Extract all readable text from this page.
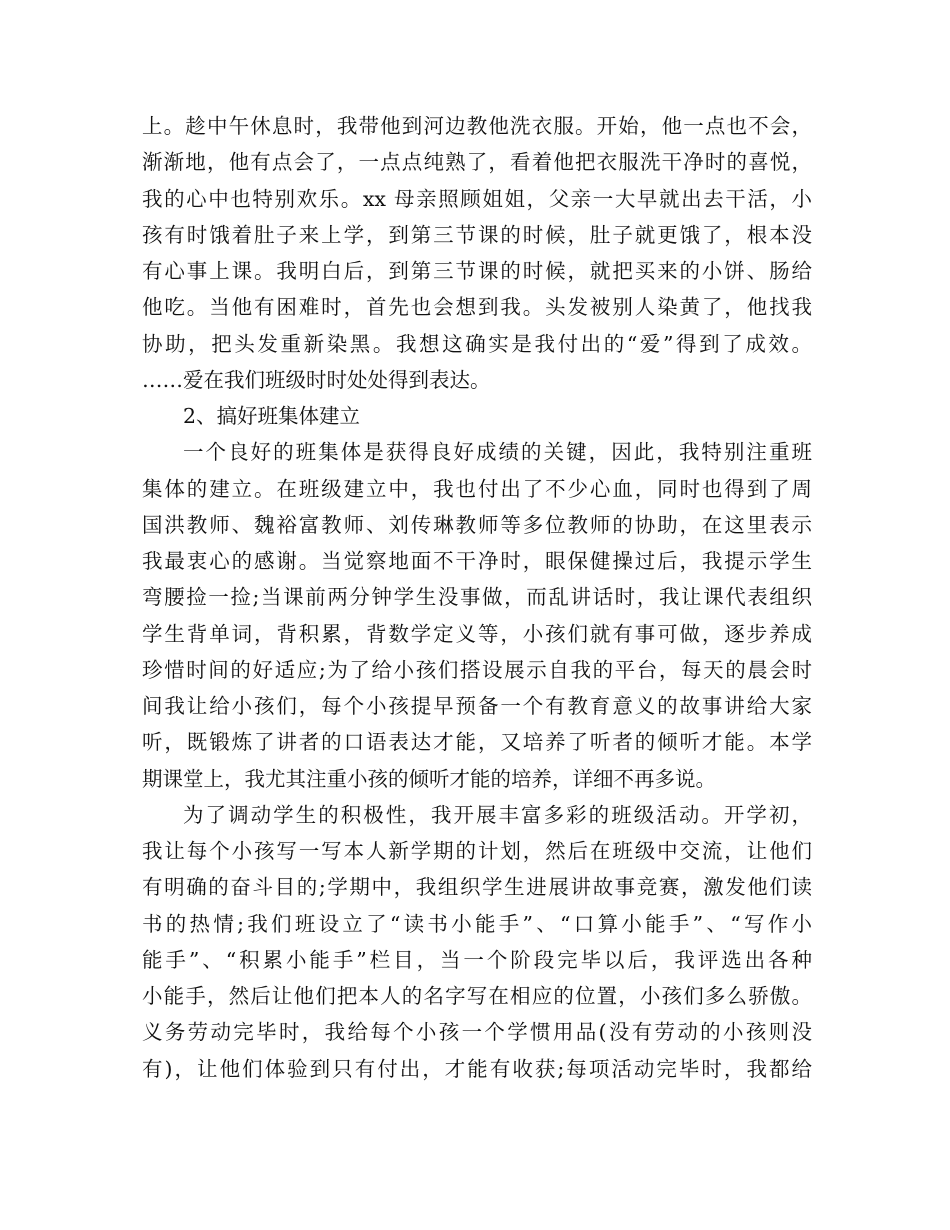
上。趁中午休息时，我带他到河边教他洗衣服。开始，他一点也不会，
渐渐地，他有点会了，一点点纯熟了，看着他把衣服洗干净时的喜悦，
我的心中也特别欢乐。xx 母亲照顾姐姐，父亲一大早就出去干活，小
孩有时饿着肚子来上学，到第三节课的时候，肚子就更饿了，根本没
有心事上课。我明白后，到第三节课的时候，就把买来的小饼、肠给
他吃。当他有困难时，首先也会想到我。头发被别人染黄了，他找我
协助，把头发重新染黑。我想这确实是我付出的“爱”得到了成效。
……爱在我们班级时时处处得到表达。
2、搞好班集体建立
一个良好的班集体是获得良好成绩的关键，因此，我特别注重班
集体的建立。在班级建立中，我也付出了不少心血，同时也得到了周
国洪教师、魏裕富教师、刘传琳教师等多位教师的协助，在这里表示
我最衷心的感谢。当觉察地面不干净时，眼保健操过后，我提示学生
弯腰捡一捡;当课前两分钟学生没事做，而乱讲话时，我让课代表组织
学生背单词，背积累，背数学定义等，小孩们就有事可做，逐步养成
珍惜时间的好适应;为了给小孩们搭设展示自我的平台，每天的晨会时
间我让给小孩们，每个小孩提早预备一个有教育意义的故事讲给大家
听，既锻炼了讲者的口语表达才能，又培养了听者的倾听才能。本学
期课堂上，我尤其注重小孩的倾听才能的培养，详细不再多说。
为了调动学生的积极性，我开展丰富多彩的班级活动。开学初，
我让每个小孩写一写本人新学期的计划，然后在班级中交流，让他们
有明确的奋斗目的;学期中，我组织学生进展讲故事竞赛，激发他们读
书的热情;我们班设立了“读书小能手”、“口算小能手”、“写作小
能手”、“积累小能手”栏目，当一个阶段完毕以后，我评选出各种
小能手，然后让他们把本人的名字写在相应的位置，小孩们多么骄傲。
义务劳动完毕时，我给每个小孩一个学惯用品(没有劳动的小孩则没
有)，让他们体验到只有付出，才能有收获;每项活动完毕时，我都给
